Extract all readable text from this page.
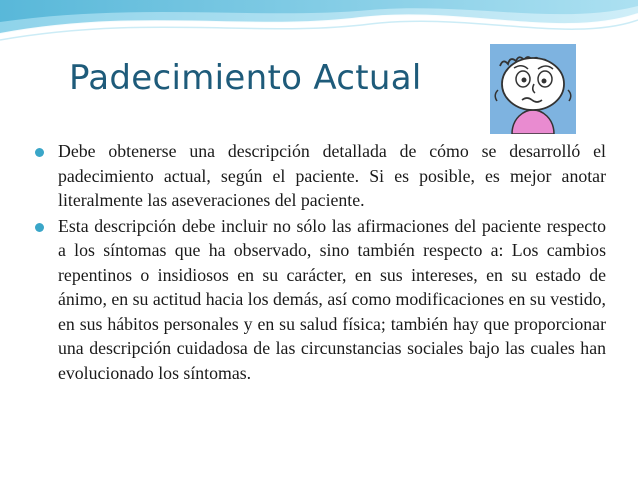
Padecimiento Actual
Debe obtenerse una descripción detallada de cómo se desarrolló el padecimiento actual, según el paciente. Si es posible, es mejor anotar literalmente las aseveraciones del paciente.
Esta descripción debe incluir no sólo las afirmaciones del paciente respecto a los síntomas que ha observado, sino también respecto a: Los cambios repentinos o insidiosos en su carácter, en sus intereses, en su estado de ánimo, en su actitud hacia los demás, así como modificaciones en su vestido, en sus hábitos personales y en su salud física; también hay que proporcionar una descripción cuidadosa de las circunstancias sociales bajo las cuales han evolucionado los síntomas.
